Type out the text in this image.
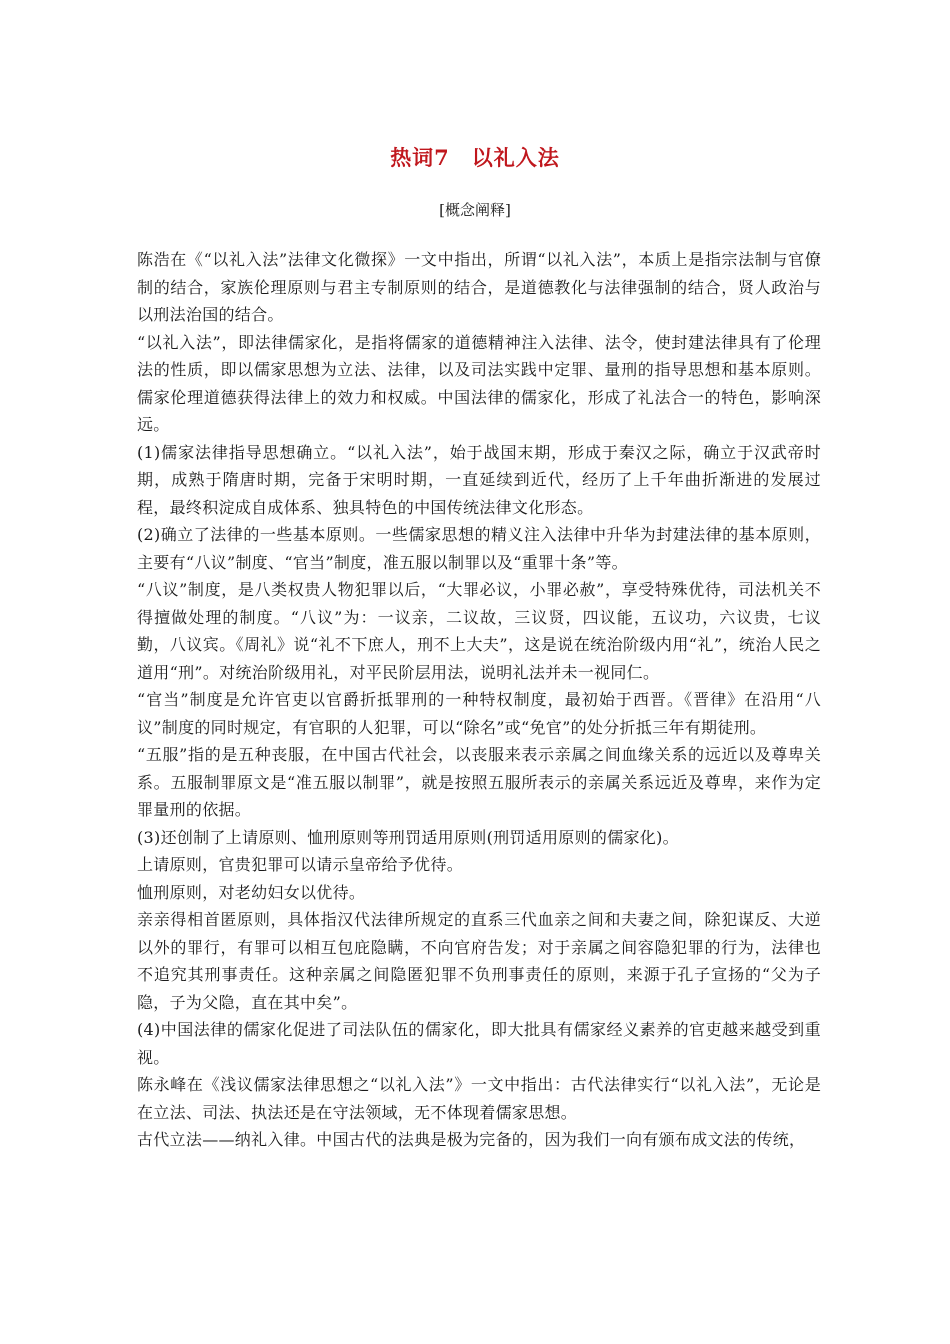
热词7　以礼入法
[概念阐释]

陈浩在《“以礼入法”法律文化微探》一文中指出，所谓“以礼入法”，本质上是指宗法制与官僚制的结合，家族伦理原则与君主专制原则的结合，是道德教化与法律强制的结合，贤人政治与以刑法治国的结合。

“以礼入法”，即法律儒家化，是指将儒家的道德精神注入法律、法令，使封建法律具有了伦理法的性质，即以儒家思想为立法、法律，以及司法实践中定罪、量刑的指导思想和基本原则。儒家伦理道德获得法律上的效力和权威。中国法律的儒家化，形成了礼法合一的特色，影响深远。

(1)儒家法律指导思想确立。“以礼入法”，始于战国末期，形成于秦汉之际，确立于汉武帝时期，成熟于隋唐时期，完备于宋明时期，一直延续到近代，经历了上千年曲折渐进的发展过程，最终积淀成自成体系、独具特色的中国传统法律文化形态。

(2)确立了法律的一些基本原则。一些儒家思想的精义注入法律中升华为封建法律的基本原则，主要有“八议”制度、“官当”制度，准五服以制罪以及“重罪十条”等。

“八议”制度，是八类权贵人物犯罪以后，“大罪必议，小罪必赦”，享受特殊优待，司法机关不得擅做处理的制度。“八议”为：一议亲，二议故，三议贤，四议能，五议功，六议贵，七议勤，八议宾。《周礼》说“礼不下庶人，刑不上大夫”，这是说在统治阶级内用“礼”，统治人民之道用“刑”。对统治阶级用礼，对平民阶层用法，说明礼法并未一视同仁。

“官当”制度是允许官吏以官爵折抵罪刑的一种特权制度，最初始于西晋。《晋律》在沿用“八议”制度的同时规定，有官职的人犯罪，可以“除名”或“免官”的处分折抵三年有期徒刑。

“五服”指的是五种丧服，在中国古代社会，以丧服来表示亲属之间血缘关系的远近以及尊卑关系。五服制罪原文是“准五服以制罪”，就是按照五服所表示的亲属关系远近及尊卑，来作为定罪量刑的依据。

(3)还创制了上请原则、恤刑原则等刑罚适用原则(刑罚适用原则的儒家化)。

上请原则，官贵犯罪可以请示皇帝给予优待。

恤刑原则，对老幼妇女以优待。

亲亲得相首匿原则，具体指汉代法律所规定的直系三代血亲之间和夫妻之间，除犯谋反、大逆以外的罪行，有罪可以相互包庇隐瞒，不向官府告发；对于亲属之间容隐犯罪的行为，法律也不追究其刑事责任。这种亲属之间隐匿犯罪不负刑事责任的原则，来源于孔子宣扬的“父为子隐，子为父隐，直在其中矣”。

(4)中国法律的儒家化促进了司法队伍的儒家化，即大批具有儒家经义素养的官吏越来越受到重视。

陈永峰在《浅议儒家法律思想之“以礼入法”》一文中指出：古代法律实行“以礼入法”，无论是在立法、司法、执法还是在守法领域，无不体现着儒家思想。

古代立法——纳礼入律。中国古代的法典是极为完备的，因为我们一向有颁布成文法的传统，
